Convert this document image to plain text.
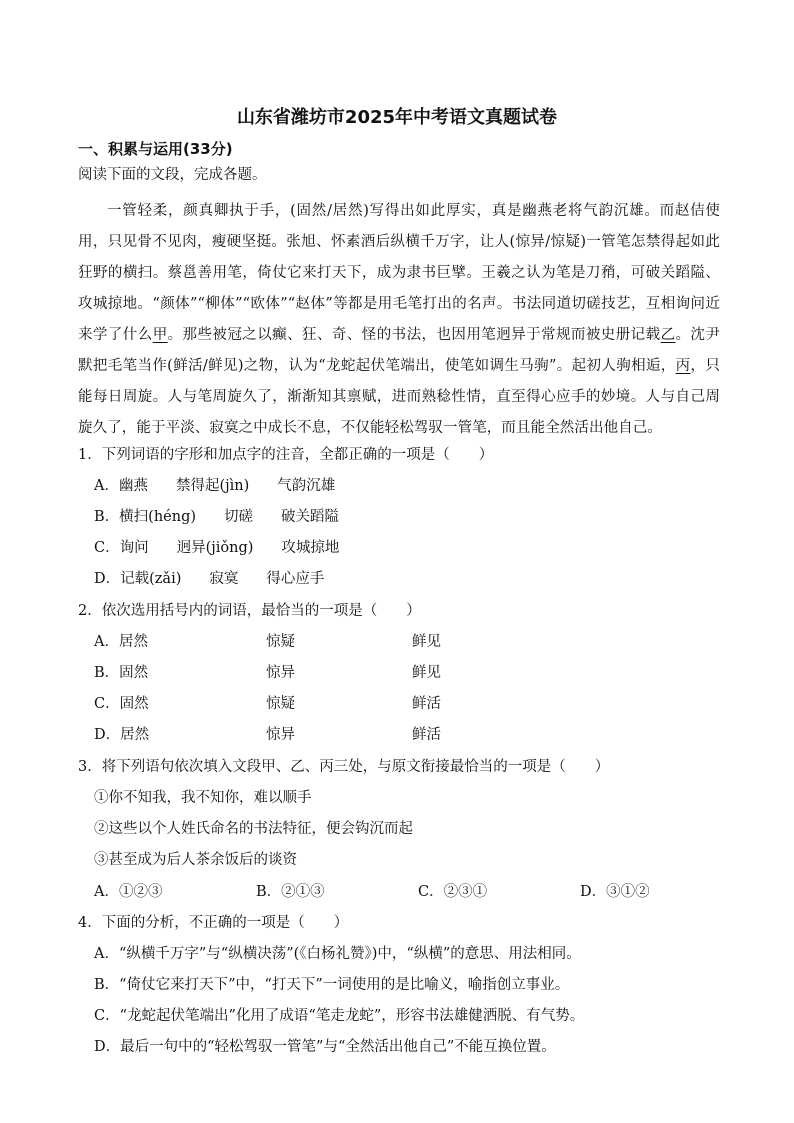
山东省潍坊市2025年中考语文真题试卷
一、积累与运用(33分)
阅读下面的文段，完成各题。
一管轻柔，颜真卿执于手，(固然/居然)写得出如此厚实，真是幽燕老将气韵沉雄。而赵佶使用，只见骨不见肉，瘦硬坚挺。张旭、怀素酒后纵横千万字，让人(惊异/惊疑)一管笔怎禁得起如此狂野的横扫。蔡邕善用笔，倚仗它来打天下，成为隶书巨擘。王羲之认为笔是刀矟，可破关蹈隘、攻城掠地。“颜体”“柳体”“欧体”“赵体”等都是用毛笔打出的名声。书法同道切磋技艺，互相询问近来学了什么甲。那些被冠之以癫、狂、奇、怪的书法，也因用笔迥异于常规而被史册记载乙。沈尹默把毛笔当作(鲜活/鲜见)之物，认为“龙蛇起伏笔端出，使笔如调生马驹”。起初人驹相逅，丙，只能每日周旋。人与笔周旋久了，渐渐知其禀赋，进而熟稔性情，直至得心应手的妙境。人与自己周旋久了，能于平淡、寂寞之中成长不息，不仅能轻松驾驭一管笔，而且能全然活出他自己。
1．下列词语的字形和加点字的注音，全都正确的一项是（　　）
A．幽燕 禁得起(jìn) 气韵沉雄
B．横扫(héng) 切磋 破关蹈隘
C．询问 迥异(jiǒng) 攻城掠地
D．记载(zǎi) 寂寞 得心应手
2．依次选用括号内的词语，最恰当的一项是（　　）
A．居然	惊疑	鲜见
B．固然	惊异	鲜见
C．固然	惊疑	鲜活
D．居然	惊异	鲜活
3．将下列语句依次填入文段甲、乙、丙三处，与原文衔接最恰当的一项是（　　）
①你不知我，我不知你，难以顺手
②这些以个人姓氏命名的书法特征，便会钩沉而起
③甚至成为后人茶余饭后的谈资
A．①②③	B．②①③	C．②③①	D．③①②
4．下面的分析，不正确的一项是（　　）
A．“纵横千万字”与“纵横决荡”(《白杨礼赞》)中，“纵横”的意思、用法相同。
B．“倚仗它来打天下”中，“打天下”一词使用的是比喻义，喻指创立事业。
C．“龙蛇起伏笔端出”化用了成语“笔走龙蛇”，形容书法雄健洒脱、有气势。
D．最后一句中的“轻松驾驭一管笔”与“全然活出他自己”不能互换位置。
